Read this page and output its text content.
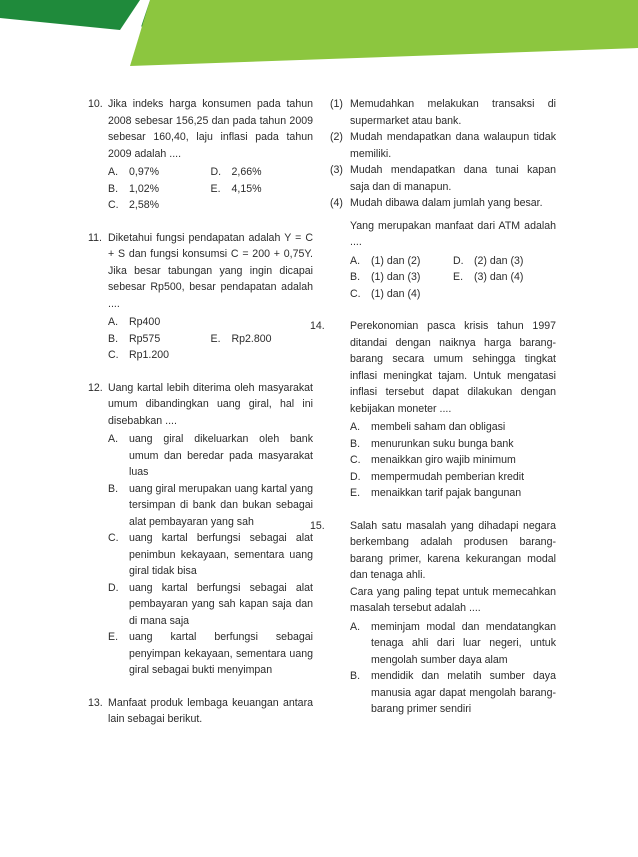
10. Jika indeks harga konsumen pada tahun 2008 sebesar 156,25 dan pada tahun 2009 sebesar 160,40, laju inflasi pada tahun 2009 adalah ....
A.	0,97%	D. 2,66%
B.	1,02%	E.	4,15%
C. 2,58%
11. Diketahui fungsi pendapatan adalah Y = C + S dan fungsi konsumsi C = 200 + 0,75Y. Jika besar tabungan yang ingin dicapai sebesar Rp500, besar pendapatan adalah ....
A.	Rp400
B.	Rp575	E.	Rp2.800
C. Rp1.200
12. Uang kartal lebih diterima oleh masyarakat umum dibandingkan uang giral, hal ini disebabkan ....
A.	uang giral dikeluarkan oleh bank umum dan beredar pada masyarakat luas
B.	uang giral merupakan uang kartal yang tersimpan di bank dan bukan sebagai alat pembayaran yang sah
C. uang kartal berfungsi sebagai alat penimbun kekayaan, sementara uang giral tidak bisa
D. uang kartal berfungsi sebagai alat pembayaran yang sah kapan saja dan di mana saja
E.	uang kartal berfungsi sebagai penyimpan kekayaan, sementara uang giral sebagai bukti menyimpan
13. Manfaat produk lembaga keuangan antara lain sebagai berikut.
(1) Memudahkan melakukan transaksi di supermarket atau bank.
(2) Mudah mendapatkan dana walaupun tidak memiliki.
(3) Mudah mendapatkan dana tunai kapan saja dan di manapun.
(4) Mudah dibawa dalam jumlah yang besar.
Yang merupakan manfaat dari ATM adalah ....
A.	(1) dan (2)	D. (2) dan (3)
B.	(1) dan (3)	E.	(3) dan (4)
C. (1) dan (4)
14. Perekonomian pasca krisis tahun 1997 ditandai dengan naiknya harga barang-barang secara umum sehingga tingkat inflasi meningkat tajam. Untuk mengatasi inflasi tersebut dapat dilakukan dengan kebijakan moneter ....
A.	membeli saham dan obligasi
B.	menurunkan suku bunga bank
C. menaikkan giro wajib minimum
D. mempermudah pemberian kredit
E.	menaikkan tarif pajak bangunan
15. Salah satu masalah yang dihadapi negara berkembang adalah produsen barang-barang primer, karena kekurangan modal dan tenaga ahli.
Cara yang paling tepat untuk memecahkan masalah tersebut adalah ....
A.	meminjam modal dan mendatangkan tenaga ahli dari luar negeri, untuk mengolah sumber daya alam
B.	mendidik dan melatih sumber daya manusia agar dapat mengolah barang-barang primer sendiri
